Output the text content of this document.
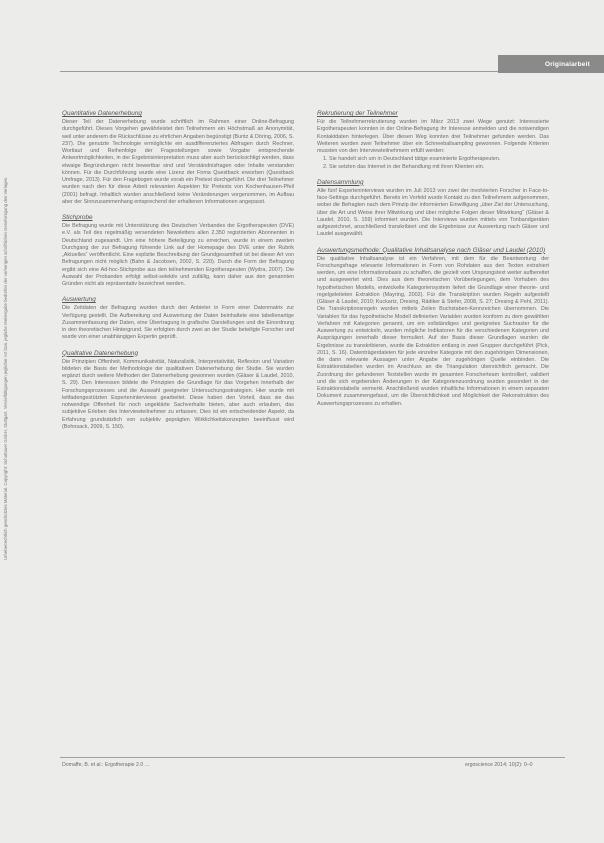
Originalarbeit
Urheberrechtlich geschütztes Material. Copyright: Schattauer GmbH, Stuttgart. Vervielfältigungen jeglicher Art bzw. jegliche Weitergabe bedürfen der vorherigen schriftlichen Genehmigung des Verlages.
Quantitative Datenerhebung

Dieser Teil der Datenerhebung wurde schriftlich im Rahmen einer Online-Befragung durchgeführt. Dieses Vorgehen gewährleistet den Teilnehmern ein Höchstmaß an Anonymität, weil unter anderem die Rückschlüsse zu ehrlichen Angaben begünstigt (Buntz & Döring, 2006, S. 237). Die genutzte Technologie ermöglichte ein ausdifferenziertes Abfragen durch Rechner, Wortlaut und Reihenfolge der Fragestellungen sowie Vorgabe entsprechende Antwortmöglichkeiten, in der Ergebnisinterpretation muss aber auch berücksichtigt werden, dass etwaige Begründungen nicht bewertbar sind und Verständnisfragen oder Inhalte verstanden können. Für die Durchführung wurde eine Lizenz der Firma Questback erworben (Questback Umfrage, 2013). Für den Fragebogen wurde vorab ein Pretest durchgeführt. Die drei Teilnehmer wurden nach den für diese Arbeit relevanten Aspekten für Pretests von Kochenhausen-Pfeil (2001) befragt. Inhaltlich wurden anschließend keine Veränderungen vorgenommen, im Aufbau aber der Sinnzusammenhang entsprechend der erhaltenen Informationen angepasst.

Stichprobe

Die Befragung wurde mit Unterstützung des Deutschen Verbandes der Ergotherapeuten (DVE) e.V. als Teil des regelmäßig versendeten Newsletters allen 2.350 registrierten Abonnenten in Deutschland zugesandt. Um eine höhere Beteiligung zu erreichen, wurde in einem zweiten Durchgang der zur Befragung führende Link auf der Homepage des DVE unter der Rubrik „Aktuelles“ veröffentlicht. Eine explizite Beschreibung der Grundgesamtheit ist bei dieser Art von Befragungen nicht möglich (Bahn & Jacobsen, 2002, S. 220). Durch die Form der Befragung ergibt sich eine Ad-hoc-Stichprobe aus den teilnehmenden Ergotherapeuten (Wydra, 2007). Die Auswahl der Probanden erfolgt selbst-selektiv und zufällig, kann daher aus den genannten Gründen nicht als repräsentativ bezeichnet werden.

Auswertung

Die Zeitdaten der Befragung wurden durch den Anbieter in Form einer Datenmatrix zur Verfügung gestellt. Die Aufbereitung und Auswertung der Daten beinhaltete eine tabellenartige Zusammenfassung der Daten, eine Übertragung in grafische Darstellungen und die Einordnung in den theoretischen Hintergrund. Sie erfolgten durch zwei an der Studie beteiligte Forscher und wurde von einer unabhängigen Expertin geprüft.

Qualitative Datenerhebung

Die Prinzipien Offenheit, Kommunikativität, Naturalistik, Interpretativität, Reflexion und Variation bildeten die Basis der Methodologie der qualitativen Datenerhebung der Studie. Sie wurden ergänzt durch weitere Methoden der Datenerhebung gewonnen wurden (Gläser & Laudel, 2010, S. 29). Den Interessen bildete die Prinzipien die Grundlage für das Vorgehen innerhalb der Forschungsprozesses und die Auswahl geeigneter Untersuchungsstrategien. Hier wurde mit leitfadengestützten Experteninterviews gearbeitet. Diese haben den Vorteil, dass sie das notwendige Offenheit für noch ungeklärte Sachverhalte bieten, aber auch erlauben, das subjektive Erleben des Interviewteilnehmer zu erfassen. Dies ist ein entscheidender Aspekt, da Erfahrung grundsätzlich von subjektiv geprägten Wirklichkeitskonzepten beeinflusst wird (Bohnsack, 2009, S. 150).

Rekrutierung der Teilnehmer

Für die Teilnehmerrekrutierung wurden im März 2013 zwei Wege genutzt: Interessierte Ergotherapeuten konnten in der Online-Befragung ihr Interesse anmelden und die notwendigen Kontaktdaten hinterlegen. Über diesen Weg konnten drei Teilnehmer gefunden werden. Das Weiteren wurden zwei Teilnehmer über ein Schneeballsampling gewonnen. Folgende Kriterien mussten von den Interviewteilnehmern erfüllt werden:

1. Sie handelt sich um in Deutschland tätige examinierte Ergotherapeuten.
2. Sie setzten das Internet in der Behandlung mit ihren Klienten ein.
Datensammlung

Alle fünf Experteninterviews wurden im Juli 2013 von zwei der involvierten Forscher in Face-to-face-Settings durchgeführt. Bereits im Vorfeld wurde Kontakt zu den Teilnehmern aufgenommen, wobei die Befragten nach dem Prinzip der informierten Einwilligung „über Ziel der Untersuchung, über die Art und Weise ihrer Mitwirkung und über mögliche Folgen dieser Mitwirkung“ (Gläser & Laudel, 2010, S. 159) informiert wurden. Die Interviews wurden mittels von Tonbandgeräten aufgezeichnet, anschließend transkribiert und die Ergebnisse zur Auswertung nach Gläser und Laudel ausgewählt.

Auswertungsmethode: Qualitative Inhaltsanalyse nach Gläser und Laudel (2010)

Die qualitative Inhaltsanalyse ist ein Verfahren, mit dem für die Beantwortung der Forschungsfrage relevante Informationen in Form von Rohdaten aus den Texten extrahiert werden, um eine Informationsbasis zu schaffen, die gezielt vom Ursprungstext weiter aufbereitet und ausgewertet wird. Dies aus dem theoretischen Vorüberlegungen, dem Vorhaben des hypothetischen Modells, entwickelte Kategoriensystem liefert die Grundlage einer theorie- und regelgeleiteten Extraktion (Mayring, 2002). Für die Transkription wurden Regeln aufgestellt (Gläser & Laudel, 2010; Kuckartz, Dresing, Rädiker & Stefer, 2008, S. 27; Dresing & Pehl, 2011). Die Transkriptionsregeln wurden mittels Zeilen Buchstaben-Kennzeichen übernommen. Die Variablen für das hypothetische Modell definierten Variablen wurden konform zu dem gewählten Verfahren mit Kategorien genannt, um ein vollständiges und geeignetes Suchraster für die Auswertung zu entwickeln, wurden mögliche Indikatoren für die verschiedenen Kategorien und Ausprägungen innerhalb dieser formuliert. Auf der Basis dieser Grundlagen wurden die Ergebnisse zu transkribieren, wurde die Extraktion entlang in zwei Gruppen durchgeführt (Pick, 2011, S. 16). Datenträgerdateien für jede einzelne Kategorie mit den zugehörigen Dimensionen, die dann relevante Aussagen unter Angabe der zugehörigen Quelle einbinden. Die Extraktionstabellen wurden im Anschluss an die Triangulation übersichtlich gemacht. Die Zuordnung der gefundenen Textstellen wurde im gesamten Forscherteam kontrolliert, validiert und die sich ergebenden Änderungen in der Kategorienzuordnung wurden gesondert in der Extraktionstabelle vermerkt. Anschließend wurden inhaltliche Informationen in einem separaten Dokument zusammengefasst, um die Übersichtlichkeit und Möglichkeit der Rekonstruktion des Auswertungsprozesses zu erhalten.

Domaffe, B. et al.: Ergotherapie 2.0 …	ergoscience 2014; 10(2): 0–0
